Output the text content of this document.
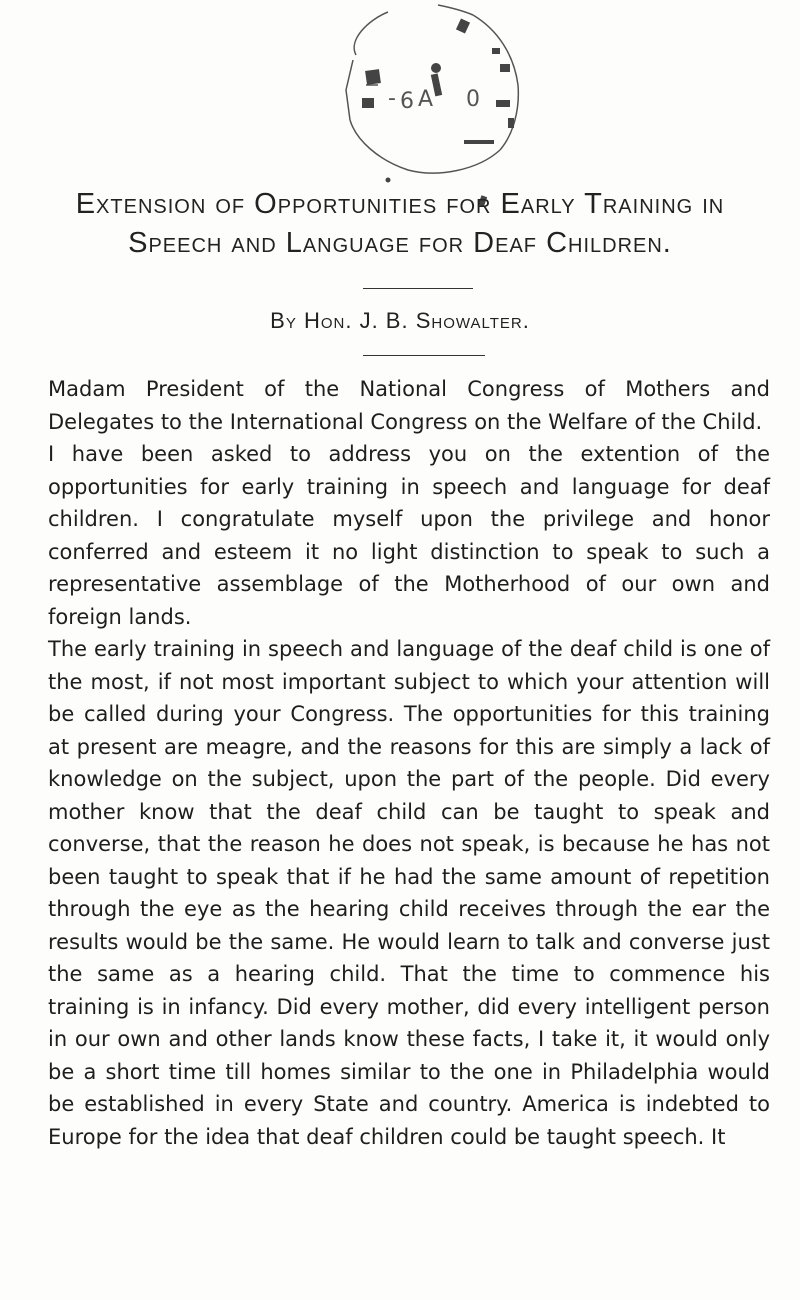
- 6 A 0
Extension of Opportunities for Early Training in
Speech and Language for Deaf Children.
By Hon. J. B. Showalter.

Madam President of the National Congress of Mothers and Delegates to the International Congress on the Welfare of the Child.

I have been asked to address you on the extention of the opportunities for early training in speech and language for deaf children. I congratulate myself upon the privilege and honor conferred and esteem it no light distinction to speak to such a representative assemblage of the Motherhood of our own and foreign lands.

The early training in speech and language of the deaf child is one of the most, if not most important subject to which your attention will be called during your Congress. The opportunities for this training at present are meagre, and the reasons for this are simply a lack of knowledge on the subject, upon the part of the people. Did every mother know that the deaf child can be taught to speak and converse, that the reason he does not speak, is because he has not been taught to speak that if he had the same amount of repetition through the eye as the hearing child receives through the ear the results would be the same. He would learn to talk and converse just the same as a hearing child. That the time to commence his training is in infancy. Did every mother, did every intelligent person in our own and other lands know these facts, I take it, it would only be a short time till homes similar to the one in Philadelphia would be established in every State and country. America is indebted to Europe for the idea that deaf children could be taught speech. It
